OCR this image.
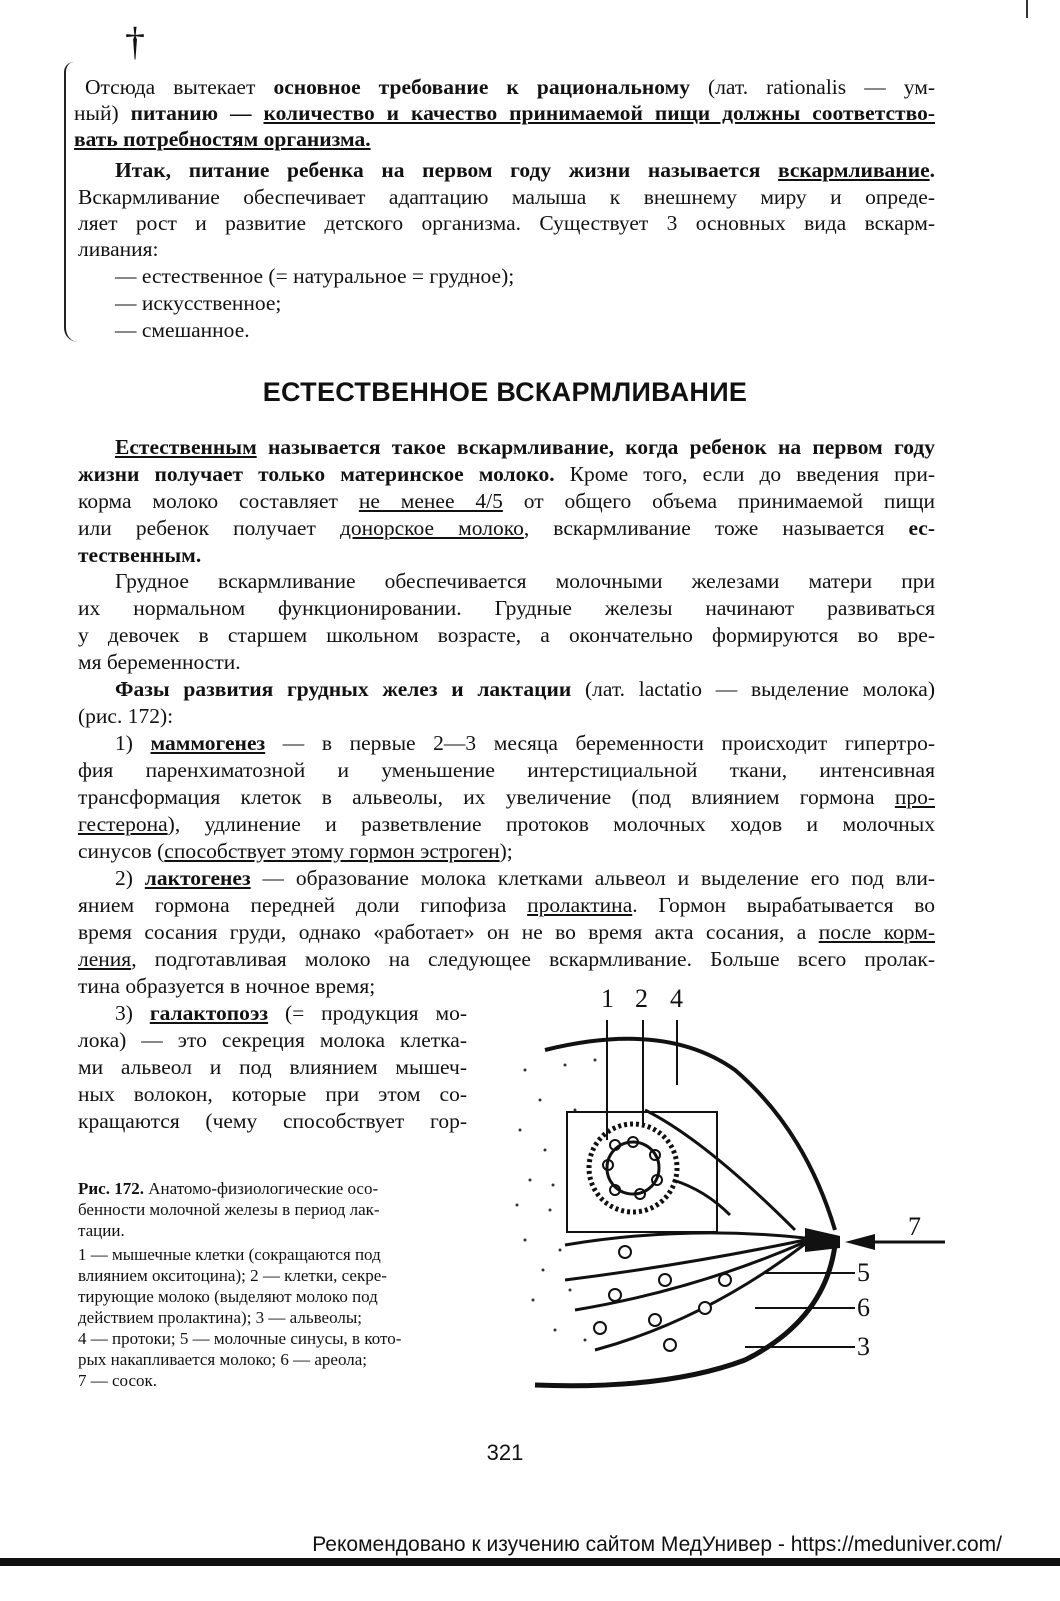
†
Отсюда вытекает основное требование к рациональному (лат. rationalis — ум-
ный) питанию — количество и качество принимаемой пищи должны соответство-
вать потребностям организма.
Итак, питание ребенка на первом году жизни называется вскармливание.
Вскармливание обеспечивает адаптацию малыша к внешнему миру и опреде-
ляет рост и развитие детского организма. Существует 3 основных вида вскарм-
ливания:
— естественное (= натуральное = грудное);
— искусственное;
— смешанное.
ЕСТЕСТВЕННОЕ ВСКАРМЛИВАНИЕ
Естественным называется такое вскармливание, когда ребенок на первом году
жизни получает только материнское молоко. Кроме того, если до введения при-
корма молоко составляет не менее 4/5 от общего объема принимаемой пищи
или ребенок получает донорское молоко, вскармливание тоже называется ес-
тественным.
Грудное вскармливание обеспечивается молочными железами матери при
их нормальном функционировании. Грудные железы начинают развиваться
у девочек в старшем школьном возрасте, а окончательно формируются во вре-
мя беременности.
Фазы развития грудных желез и лактации (лат. lactatio — выделение молока)
(рис. 172):
1) маммогенез — в первые 2—3 месяца беременности происходит гипертро-
фия паренхиматозной и уменьшение интерстициальной ткани, интенсивная
трансформация клеток в альвеолы, их увеличение (под влиянием гормона про-
гестерона), удлинение и разветвление протоков молочных ходов и молочных
синусов (способствует этому гормон эстроген);
2) лактогенез — образование молока клетками альвеол и выделение его под вли-
янием гормона передней доли гипофиза пролактина. Гормон вырабатывается во
время сосания груди, однако «работает» он не во время акта сосания, а после корм-
ления, подготавливая молоко на следующее вскармливание. Больше всего пролак-
тина образуется в ночное время;
3) галактопоэз (= продукция мо-
лока) — это секреция молока клетка-
ми альвеол и под влиянием мышеч-
ных волокон, которые при этом со-
кращаются (чему способствует гор-
Рис. 172. Анатомо-физиологические осо-
бенности молочной железы в период лак-
тации.
1 — мышечные клетки (сокращаются под
влиянием окситоцина); 2 — клетки, секре-
тирующие молоко (выделяют молоко под
действием пролактина); 3 — альвеолы;
4 — протоки; 5 — молочные синусы, в кото-
рых накапливается молоко; 6 — ареола;
7 — сосок.
1 2 4
7
5
6
3
321
Рекомендовано к изучению сайтом МедУнивер - https://meduniver.com/
